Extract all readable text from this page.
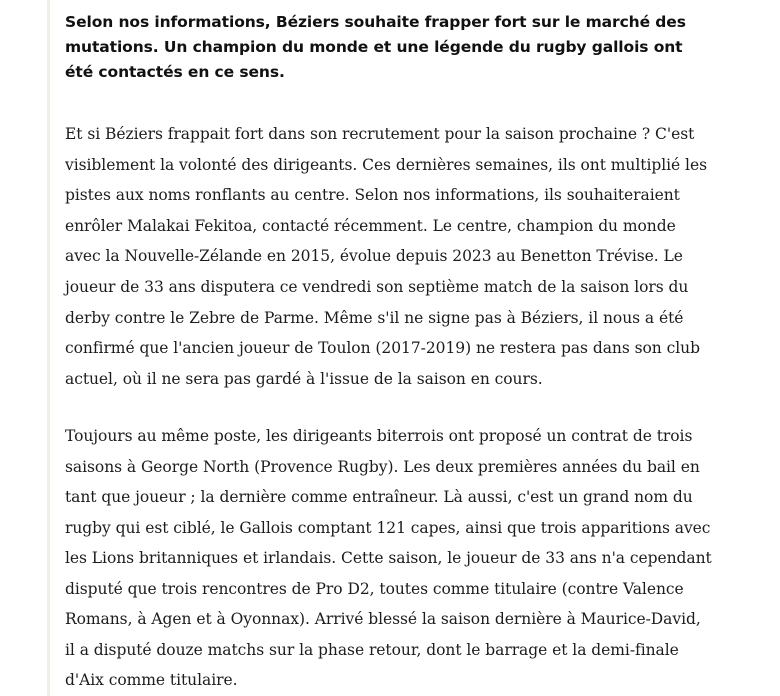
Selon nos informations, Béziers souhaite frapper fort sur le marché des mutations. Un champion du monde et une légende du rugby gallois ont été contactés en ce sens.

Et si Béziers frappait fort dans son recrutement pour la saison prochaine ? C'est visiblement la volonté des dirigeants. Ces dernières semaines, ils ont multiplié les pistes aux noms ronflants au centre. Selon nos informations, ils souhaiteraient enrôler Malakai Fekitoa, contacté récemment. Le centre, champion du monde avec la Nouvelle-Zélande en 2015, évolue depuis 2023 au Benetton Trévise. Le joueur de 33 ans disputera ce vendredi son septième match de la saison lors du derby contre le Zebre de Parme. Même s'il ne signe pas à Béziers, il nous a été confirmé que l'ancien joueur de Toulon (2017-2019) ne restera pas dans son club actuel, où il ne sera pas gardé à l'issue de la saison en cours.

Toujours au même poste, les dirigeants biterrois ont proposé un contrat de trois saisons à George North (Provence Rugby). Les deux premières années du bail en tant que joueur ; la dernière comme entraîneur. Là aussi, c'est un grand nom du rugby qui est ciblé, le Gallois comptant 121 capes, ainsi que trois apparitions avec les Lions britanniques et irlandais. Cette saison, le joueur de 33 ans n'a cependant disputé que trois rencontres de Pro D2, toutes comme titulaire (contre Valence Romans, à Agen et à Oyonnax). Arrivé blessé la saison dernière à Maurice-David, il a disputé douze matchs sur la phase retour, dont le barrage et la demi-finale d'Aix comme titulaire.
